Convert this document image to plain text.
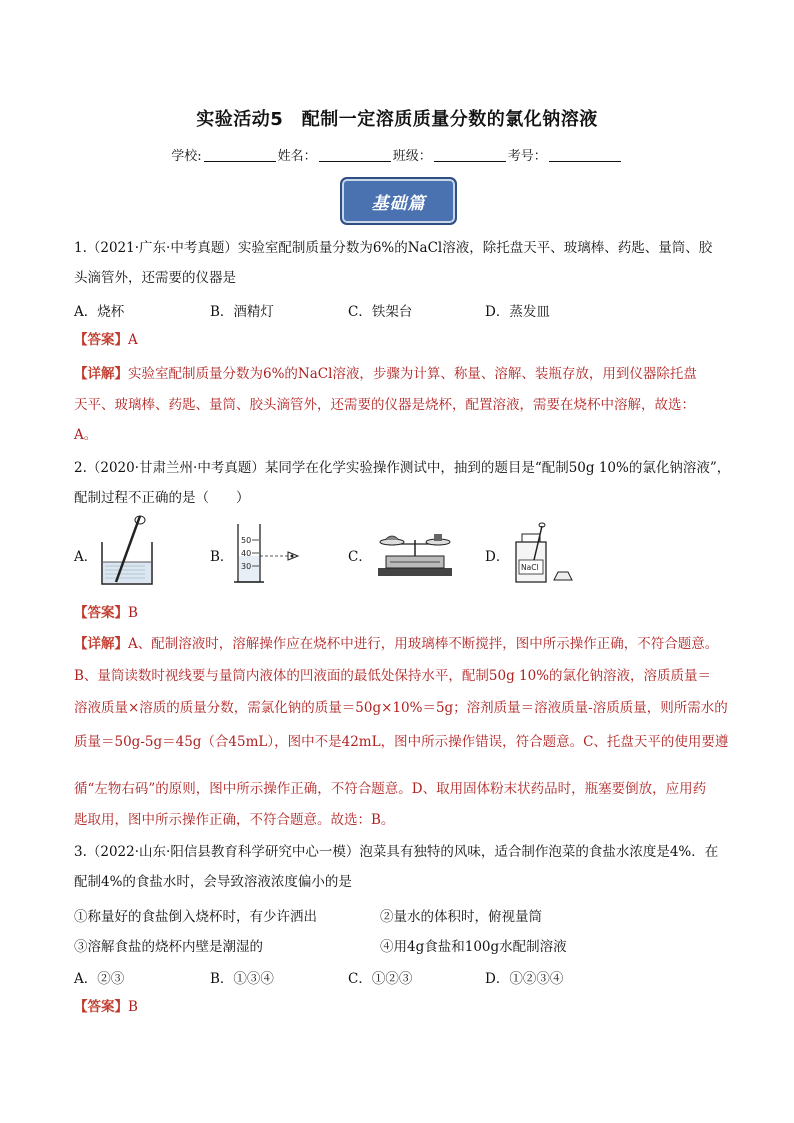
实验活动5　配制一定溶质质量分数的氯化钠溶液
学校:	姓名：	班级：	考号：
基础篇
1.（2021·广东·中考真题）实验室配制质量分数为6%的NaCl溶液，除托盘天平、玻璃棒、药匙、量筒、胶
头滴管外，还需要的仪器是
A．烧杯	B．酒精灯	C．铁架台	D．蒸发皿
【答案】A
【详解】实验室配制质量分数为6%的NaCl溶液，步骤为计算、称量、溶解、装瓶存放，用到仪器除托盘
天平、玻璃棒、药匙、量筒、胶头滴管外，还需要的仪器是烧杯，配置溶液，需要在烧杯中溶解，故选：
A。
2.（2020·甘肃兰州·中考真题）某同学在化学实验操作测试中，抽到的题目是“配制50g 10%的氯化钠溶液”，
配制过程不正确的是（　　）
A．	B．
50
40
30
C．	D．
NaCl
【答案】B
【详解】A、配制溶液时，溶解操作应在烧杯中进行，用玻璃棒不断搅拌，图中所示操作正确，不符合题意。
B、量筒读数时视线要与量筒内液体的凹液面的最低处保持水平，配制50g 10%的氯化钠溶液，溶质质量＝
溶液质量×溶质的质量分数，需氯化钠的质量＝50g×10%＝5g；溶剂质量＝溶液质量-溶质质量，则所需水的
质量＝50g-5g＝45g（合45mL），图中不是42mL，图中所示操作错误，符合题意。C、托盘天平的使用要遵
循“左物右码”的原则，图中所示操作正确，不符合题意。D、取用固体粉末状药品时，瓶塞要倒放，应用药
匙取用，图中所示操作正确，不符合题意。故选：B。
3.（2022·山东·阳信县教育科学研究中心一模）泡菜具有独特的风味，适合制作泡菜的食盐水浓度是4%．在
配制4%的食盐水时，会导致溶液浓度偏小的是
①称量好的食盐倒入烧杯时，有少许洒出	②量水的体积时，俯视量筒
③溶解食盐的烧杯内壁是潮湿的	④用4g食盐和100g水配制溶液
A．②③	B．①③④	C．①②③	D．①②③④
【答案】B
